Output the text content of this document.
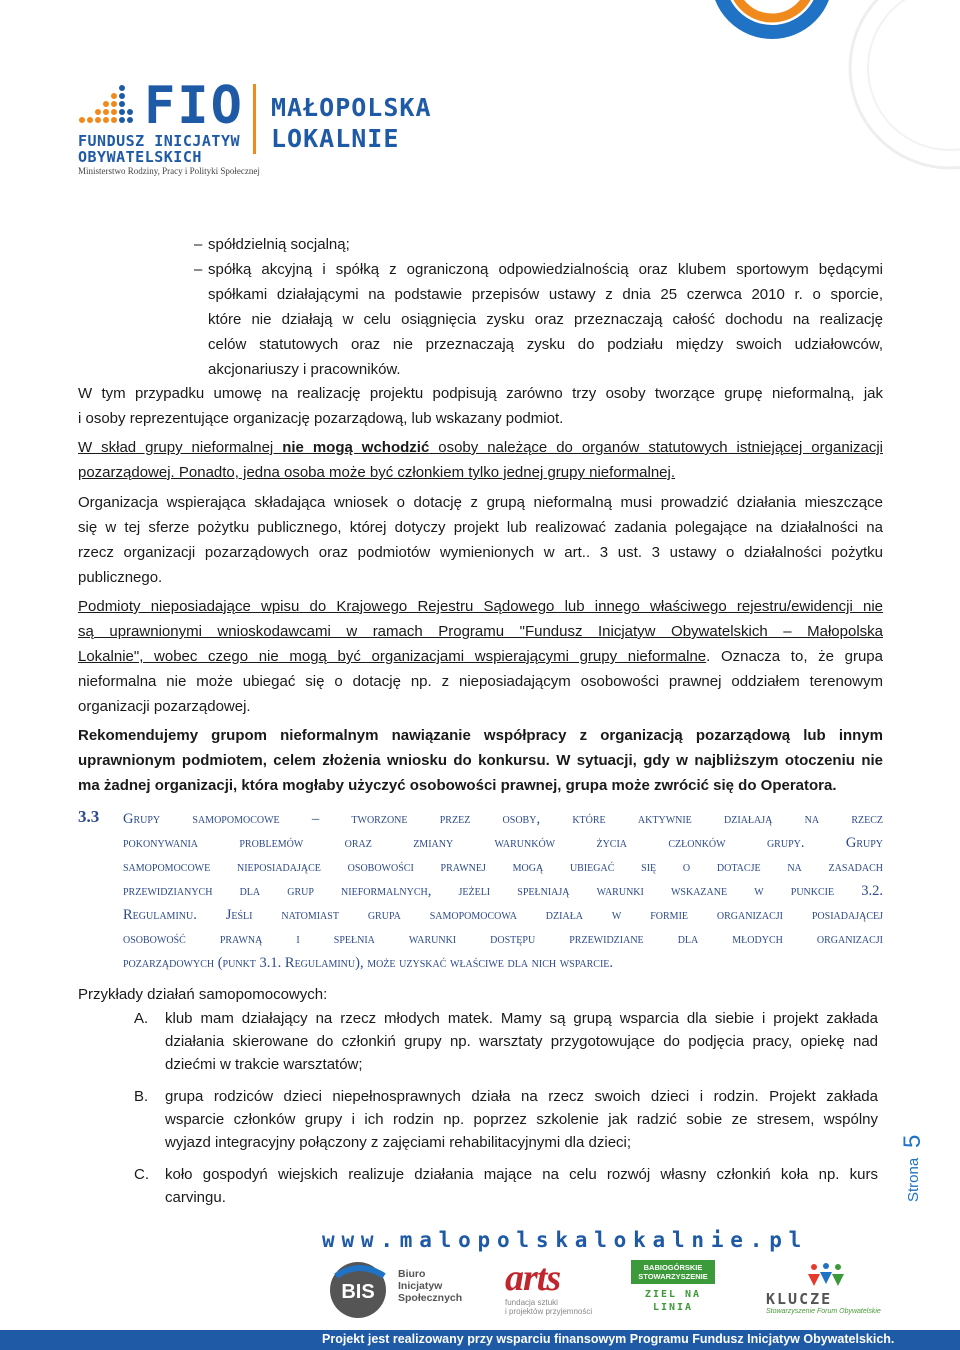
FIO
FUNDUSZ INICJATYW
OBYWATELSKICH
Ministerstwo Rodziny, Pracy i Polityki Społecznej
MAŁOPOLSKA
LOKALNIE
– spółdzielnią socjalną;
– spółką akcyjną i spółką z ograniczoną odpowiedzialnością oraz klubem sportowym będącymi
spółkami działającymi na podstawie przepisów ustawy z dnia 25 czerwca 2010 r. o sporcie,
które nie działają w celu osiągnięcia zysku oraz przeznaczają całość dochodu na realizację
celów statutowych oraz nie przeznaczają zysku do podziału między swoich udziałowców,
akcjonariuszy i pracowników.
W tym przypadku umowę na realizację projektu podpisują zarówno trzy osoby tworzące grupę nieformalną, jak
i osoby reprezentujące organizację pozarządową, lub wskazany podmiot.
W skład grupy nieformalnej nie mogą wchodzić osoby należące do organów statutowych istniejącej organizacji
pozarządowej. Ponadto, jedna osoba może być członkiem tylko jednej grupy nieformalnej.
Organizacja wspierająca składająca wniosek o dotację z grupą nieformalną musi prowadzić działania mieszczące
się w tej sferze pożytku publicznego, której dotyczy projekt lub realizować zadania polegające na działalności na
rzecz organizacji pozarządowych oraz podmiotów wymienionych w art.. 3 ust. 3 ustawy o działalności pożytku
publicznego.
Podmioty nieposiadające wpisu do Krajowego Rejestru Sądowego lub innego właściwego rejestru/ewidencji nie
są uprawnionymi wnioskodawcami w ramach Programu "Fundusz Inicjatyw Obywatelskich – Małopolska
Lokalnie", wobec czego nie mogą być organizacjami wspierającymi grupy nieformalne. Oznacza to, że grupa
nieformalna nie może ubiegać się o dotację np. z nieposiadającym osobowości prawnej oddziałem terenowym
organizacji pozarządowej.
Rekomendujemy grupom nieformalnym nawiązanie współpracy z organizacją pozarządową lub innym
uprawnionym podmiotem, celem złożenia wniosku do konkursu. W sytuacji, gdy w najbliższym otoczeniu nie
ma żadnej organizacji, która mogłaby użyczyć osobowości prawnej, grupa może zwrócić się do Operatora.
3.3 Grupy samopomocowe – tworzone przez osoby, które aktywnie działają na rzecz
pokonywania problemów oraz zmiany warunków życia członków grupy. Grupy
samopomocowe nieposiadające osobowości prawnej mogą ubiegać się o dotacje na zasadach
przewidzianych dla grup nieformalnych, jeżeli spełniają warunki wskazane w punkcie 3.2.
Regulaminu. Jeśli natomiast grupa samopomocowa działa w formie organizacji posiadającej
osobowość prawną i spełnia warunki dostępu przewidziane dla młodych organizacji
pozarządowych (punkt 3.1. Regulaminu), może uzyskać właściwe dla nich wsparcie.
Przykłady działań samopomocowych:
A. klub mam działający na rzecz młodych matek. Mamy są grupą wsparcia dla siebie i projekt zakłada
działania skierowane do członkiń grupy np. warsztaty przygotowujące do podjęcia pracy, opiekę nad
dziećmi w trakcie warsztatów;
B. grupa rodziców dzieci niepełnosprawnych działa na rzecz swoich dzieci i rodzin. Projekt zakłada
wsparcie członków grupy i ich rodzin np. poprzez szkolenie jak radzić sobie ze stresem, wspólny
wyjazd integracyjny połączony z zajęciami rehabilitacyjnymi dla dzieci;
C. koło gospodyń wiejskich realizuje działania mające na celu rozwój własny członkiń koła np. kurs
carvingu.	Strona
5
www.malopolskalokalnie.pl
BIS
Biuro
Inicjatyw
Społecznych arts
fundacja sztuki
i projektów przyjemności
BABIOGÓRSKIE
STOWARZYSZENIE
ZIEL NA
LINIA	KLUCZE
Stowarzyszenie Forum Obywatelskie
Projekt jest realizowany przy wsparciu finansowym Programu Fundusz Inicjatyw Obywatelskich.
